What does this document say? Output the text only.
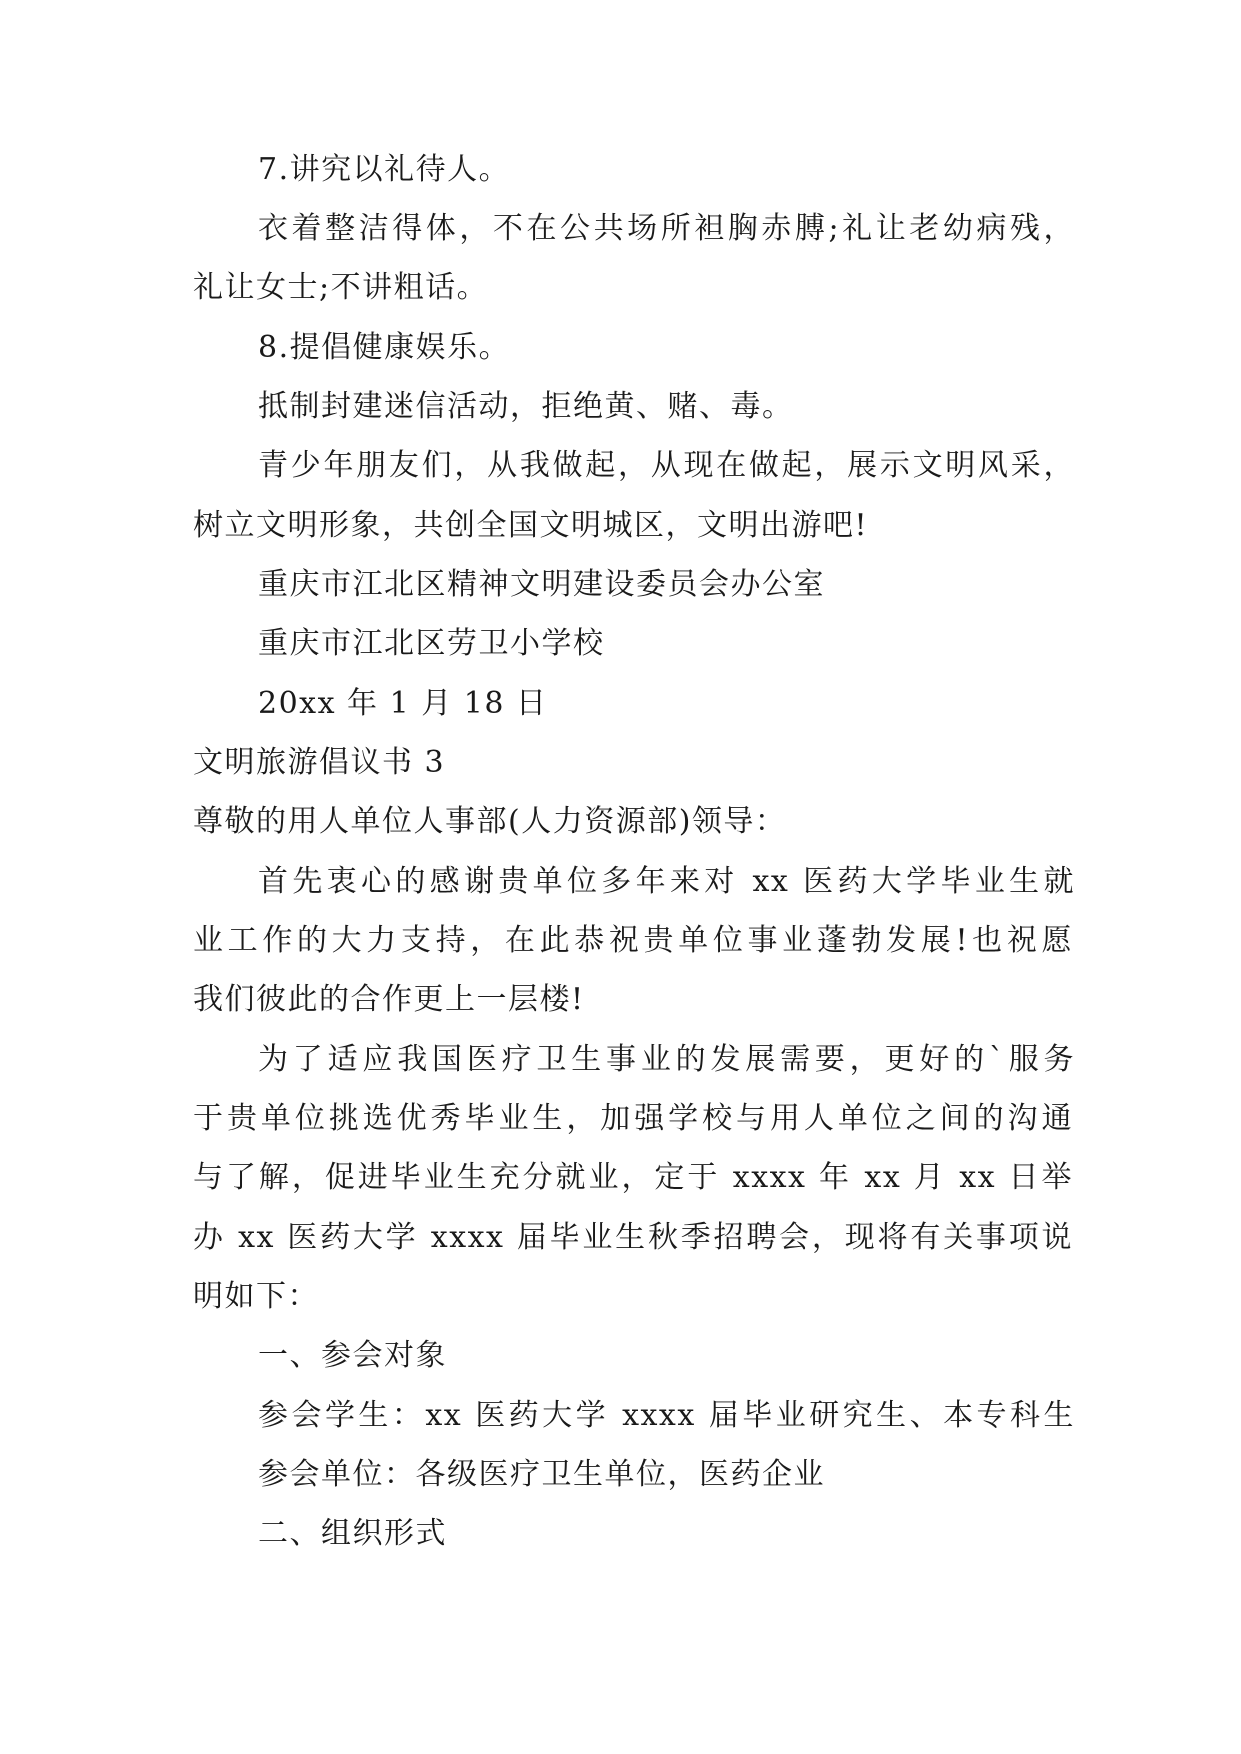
7.讲究以礼待人。
衣着整洁得体，不在公共场所袒胸赤膊;礼让老幼病残，
礼让女士;不讲粗话。
8.提倡健康娱乐。
抵制封建迷信活动，拒绝黄、赌、毒。
青少年朋友们，从我做起，从现在做起，展示文明风采，
树立文明形象，共创全国文明城区，文明出游吧!
重庆市江北区精神文明建设委员会办公室
重庆市江北区劳卫小学校
20xx 年 1 月 18 日
文明旅游倡议书 3
尊敬的用人单位人事部(人力资源部)领导：
首先衷心的感谢贵单位多年来对 xx 医药大学毕业生就
业工作的大力支持，在此恭祝贵单位事业蓬勃发展!也祝愿
我们彼此的合作更上一层楼!
为了适应我国医疗卫生事业的发展需要，更好的`服务
于贵单位挑选优秀毕业生，加强学校与用人单位之间的沟通
与了解，促进毕业生充分就业，定于 xxxx 年 xx 月 xx 日举
办 xx 医药大学 xxxx 届毕业生秋季招聘会，现将有关事项说
明如下：
一、参会对象
参会学生：xx 医药大学 xxxx 届毕业研究生、本专科生
参会单位：各级医疗卫生单位，医药企业
二、组织形式
